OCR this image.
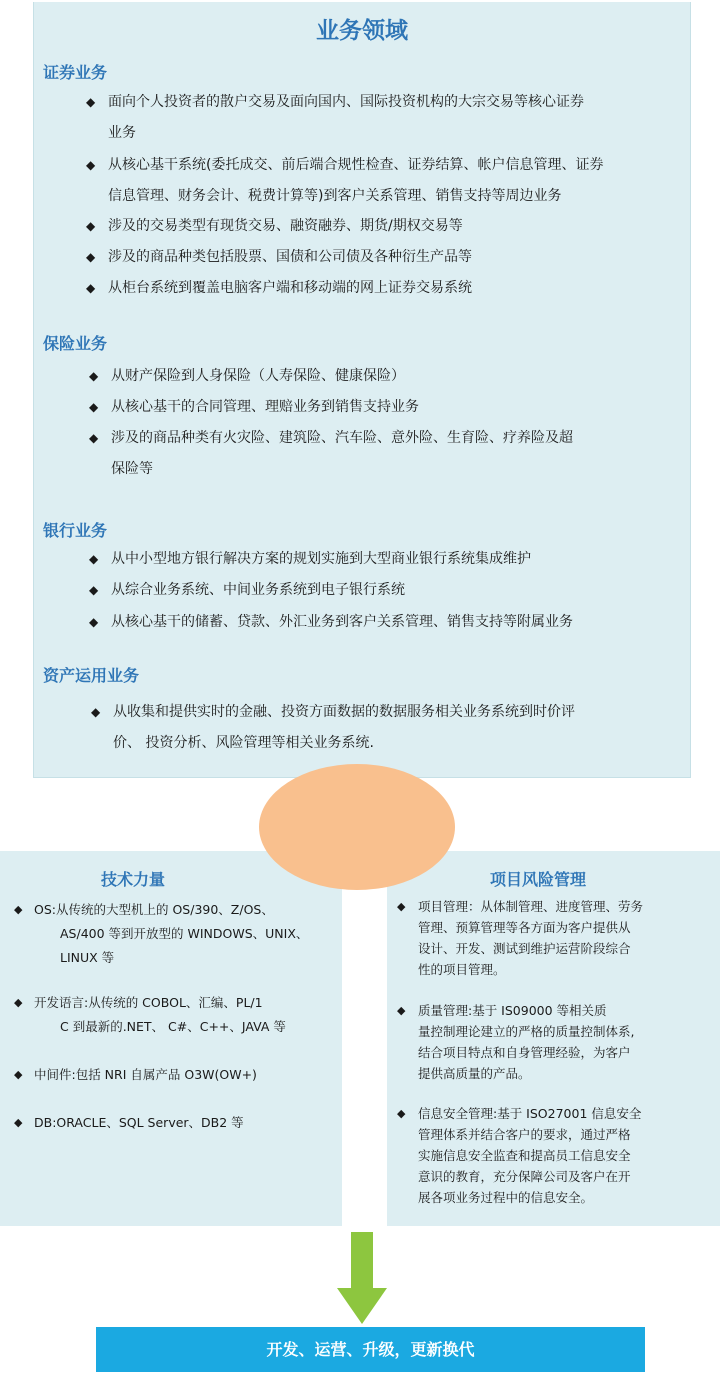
业务领域
证券业务
◆ 面向个人投资者的散户交易及面向国内、国际投资机构的大宗交易等核心证券
业务
◆ 从核心基干系统(委托成交、前后端合规性检查、证券结算、帐户信息管理、证券
信息管理、财务会计、税费计算等)到客户关系管理、销售支持等周边业务
◆ 涉及的交易类型有现货交易、融资融券、期货/期权交易等
◆ 涉及的商品种类包括股票、国债和公司债及各种衍生产品等
◆ 从柜台系统到覆盖电脑客户端和移动端的网上证券交易系统
保险业务
◆ 从财产保险到人身保险（人寿保险、健康保险）
◆ 从核心基干的合同管理、理赔业务到销售支持业务
◆ 涉及的商品种类有火灾险、建筑险、汽车险、意外险、生育险、疗养险及超
保险等
银行业务
◆ 从中小型地方银行解决方案的规划实施到大型商业银行系统集成维护
◆ 从综合业务系统、中间业务系统到电子银行系统
◆ 从核心基干的储蓄、贷款、外汇业务到客户关系管理、销售支持等附属业务
资产运用业务
◆ 从收集和提供实时的金融、投资方面数据的数据服务相关业务系统到时价评
价、 投资分析、风险管理等相关业务系统.
技术力量
◆ OS:从传统的大型机上的 OS/390、Z/OS、
AS/400 等到开放型的 WINDOWS、UNIX、
LINUX 等
◆ 开发语言:从传统的 COBOL、汇编、PL/1
C 到最新的.NET、 C#、C++、JAVA 等
◆ 中间件:包括 NRI 自属产品 O3W(OW+)
◆ DB:ORACLE、SQL Server、DB2 等
项目风险管理
◆	项目管理：从体制管理、进度管理、劳务
管理、预算管理等各方面为客户提供从
设计、开发、测试到维护运营阶段综合
性的项目管理。
◆	质量管理:基于 IS09000 等相关质
量控制理论建立的严格的质量控制体系,
结合项目特点和自身管理经验，为客户
提供高质量的产品。
◆	信息安全管理:基于 ISO27001 信息安全
管理体系并结合客户的要求，通过严格
实施信息安全监查和提高员工信息安全
意识的教育，充分保障公司及客户在开
展各项业务过程中的信息安全。
开发、运营、升级，更新换代
